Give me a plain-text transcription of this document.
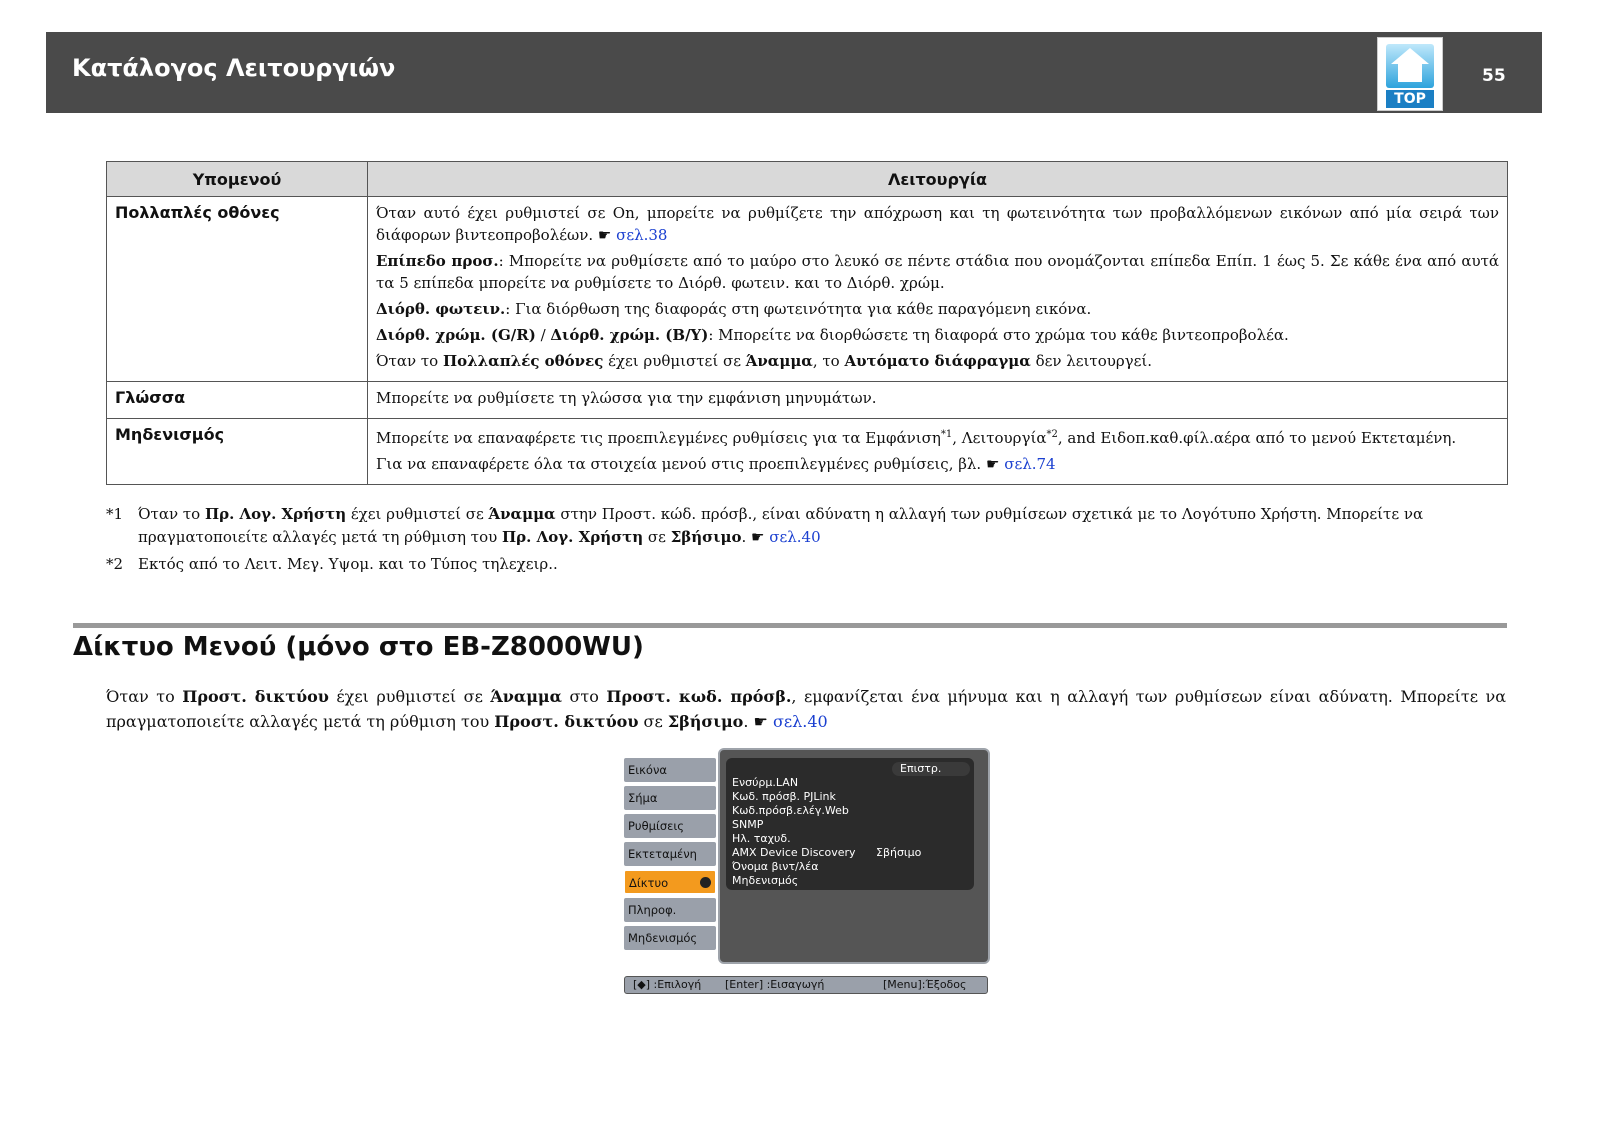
Κατάλογος Λειτουργιών
TOP
55
Υπομενού	Λειτουργία
Πολλαπλές οθόνες	Όταν αυτό έχει ρυθμιστεί σε On, μπορείτε να ρυθμίζετε την απόχρωση και τη φωτεινότητα των προβαλλόμενων εικόνων από μία σειρά των διάφορων βιντεοπροβολέων. ☛ σελ.38

Επίπεδο προσ.: Μπορείτε να ρυθμίσετε από το μαύρο στο λευκό σε πέντε στάδια που ονομάζονται επίπεδα Επίπ. 1 έως 5. Σε κάθε ένα από αυτά τα 5 επίπεδα μπορείτε να ρυθμίσετε το Διόρθ. φωτειν. και το Διόρθ. χρώμ.

Διόρθ. φωτειν.: Για διόρθωση της διαφοράς στη φωτεινότητα για κάθε παραγόμενη εικόνα.

Διόρθ. χρώμ. (G/R) / Διόρθ. χρώμ. (B/Y): Μπορείτε να διορθώσετε τη διαφορά στο χρώμα του κάθε βιντεοπροβολέα.

Όταν το Πολλαπλές οθόνες έχει ρυθμιστεί σε Άναμμα, το Αυτόματο διάφραγμα δεν λειτουργεί.

Γλώσσα	Μπορείτε να ρυθμίσετε τη γλώσσα για την εμφάνιση μηνυμάτων.

Μηδενισμός	Μπορείτε να επαναφέρετε τις προεπιλεγμένες ρυθμίσεις για τα Εμφάνιση$^{*1}$, Λειτουργία$^{*2}$, and Ειδοπ.καθ.φίλ.αέρα από το μενού Εκτεταμένη.

Για να επαναφέρετε όλα τα στοιχεία μενού στις προεπιλεγμένες ρυθμίσεις, βλ. ☛ σελ.74

*1 Όταν το Πρ. Λογ. Χρήστη έχει ρυθμιστεί σε Άναμμα στην Προστ. κώδ. πρόσβ., είναι αδύνατη η αλλαγή των ρυθμίσεων σχετικά με το Λογότυπο Χρήστη. Μπορείτε να πραγματοποιείτε αλλαγές μετά τη ρύθμιση του Πρ. Λογ. Χρήστη σε Σβήσιμο. ☛ σελ.40
*2 Εκτός από το Λειτ. Μεγ. Υψομ. και το Τύπος τηλεχειρ..
Δίκτυο Μενού (μόνο στο EB-Z8000WU)
Όταν το Προστ. δικτύου έχει ρυθμιστεί σε Άναμμα στο Προστ. κωδ. πρόσβ., εμφανίζεται ένα μήνυμα και η αλλαγή των ρυθμίσεων είναι αδύνατη. Μπορείτε να πραγματοποιείτε αλλαγές μετά τη ρύθμιση του Προστ. δικτύου σε Σβήσιμο. ☛ σελ.40
Εικόνα
Σήμα
Ρυθμίσεις
Εκτεταμένη
Δίκτυο
Πληροφ.
Μηδενισμός
Επιστρ.
Ενσύρμ.LAN
Κωδ. πρόσβ. PJLink
Κωδ.πρόσβ.ελέγ.Web
SNMP
Ηλ. ταχυδ.
AMX Device Discovery Σβήσιμο
Όνομα βιντ/λέα
Μηδενισμός
[◆] :Επιλογή [Enter] :Εισαγωγή	[Menu]:Έξοδος
